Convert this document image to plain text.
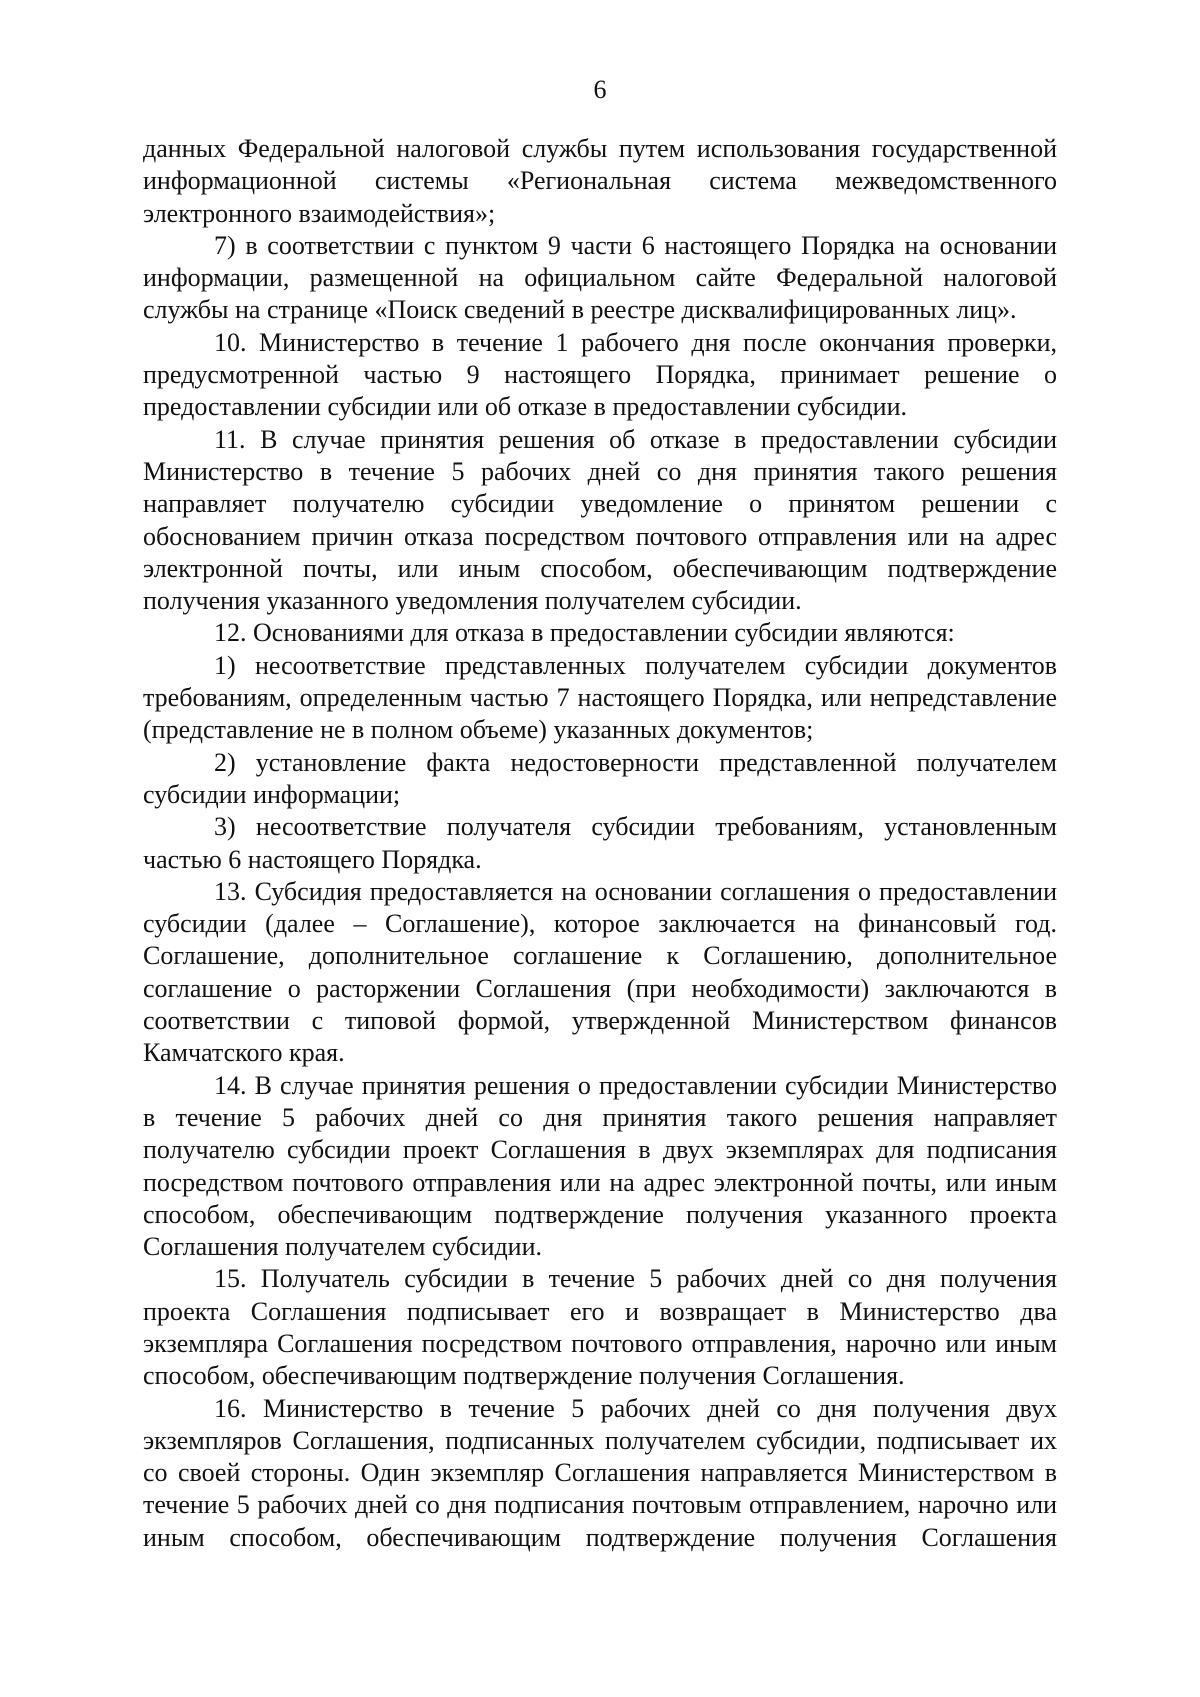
6

данных Федеральной налоговой службы путем использования государственной информационной системы «Региональная система межведомственного электронного взаимодействия»;

7) в соответствии с пунктом 9 части 6 настоящего Порядка на основании информации, размещенной на официальном сайте Федеральной налоговой службы на странице «Поиск сведений в реестре дисквалифицированных лиц».

10. Министерство в течение 1 рабочего дня после окончания проверки, предусмотренной частью 9 настоящего Порядка, принимает решение о предоставлении субсидии или об отказе в предоставлении субсидии.

11. В случае принятия решения об отказе в предоставлении субсидии Министерство в течение 5 рабочих дней со дня принятия такого решения направляет получателю субсидии уведомление о принятом решении с обоснованием причин отказа посредством почтового отправления или на адрес электронной почты, или иным способом, обеспечивающим подтверждение получения указанного уведомления получателем субсидии.

12. Основаниями для отказа в предоставлении субсидии являются:

1) несоответствие представленных получателем субсидии документов требованиям, определенным частью 7 настоящего Порядка, или непредставление (представление не в полном объеме) указанных документов;

2) установление факта недостоверности представленной получателем субсидии информации;

3) несоответствие получателя субсидии требованиям, установленным частью 6 настоящего Порядка.

13. Субсидия предоставляется на основании соглашения о предоставлении субсидии (далее – Соглашение), которое заключается на финансовый год. Соглашение, дополнительное соглашение к Соглашению, дополнительное соглашение о расторжении Соглашения (при необходимости) заключаются в соответствии с типовой формой, утвержденной Министерством финансов Камчатского края.

14. В случае принятия решения о предоставлении субсидии Министерство в течение 5 рабочих дней со дня принятия такого решения направляет получателю субсидии проект Соглашения в двух экземплярах для подписания посредством почтового отправления или на адрес электронной почты, или иным способом, обеспечивающим подтверждение получения указанного проекта Соглашения получателем субсидии.

15. Получатель субсидии в течение 5 рабочих дней со дня получения проекта Соглашения подписывает его и возвращает в Министерство два экземпляра Соглашения посредством почтового отправления, нарочно или иным способом, обеспечивающим подтверждение получения Соглашения.

16. Министерство в течение 5 рабочих дней со дня получения двух экземпляров Соглашения, подписанных получателем субсидии, подписывает их со своей стороны. Один экземпляр Соглашения направляется Министерством в течение 5 рабочих дней со дня подписания почтовым отправлением, нарочно или иным способом, обеспечивающим подтверждение получения Соглашения
